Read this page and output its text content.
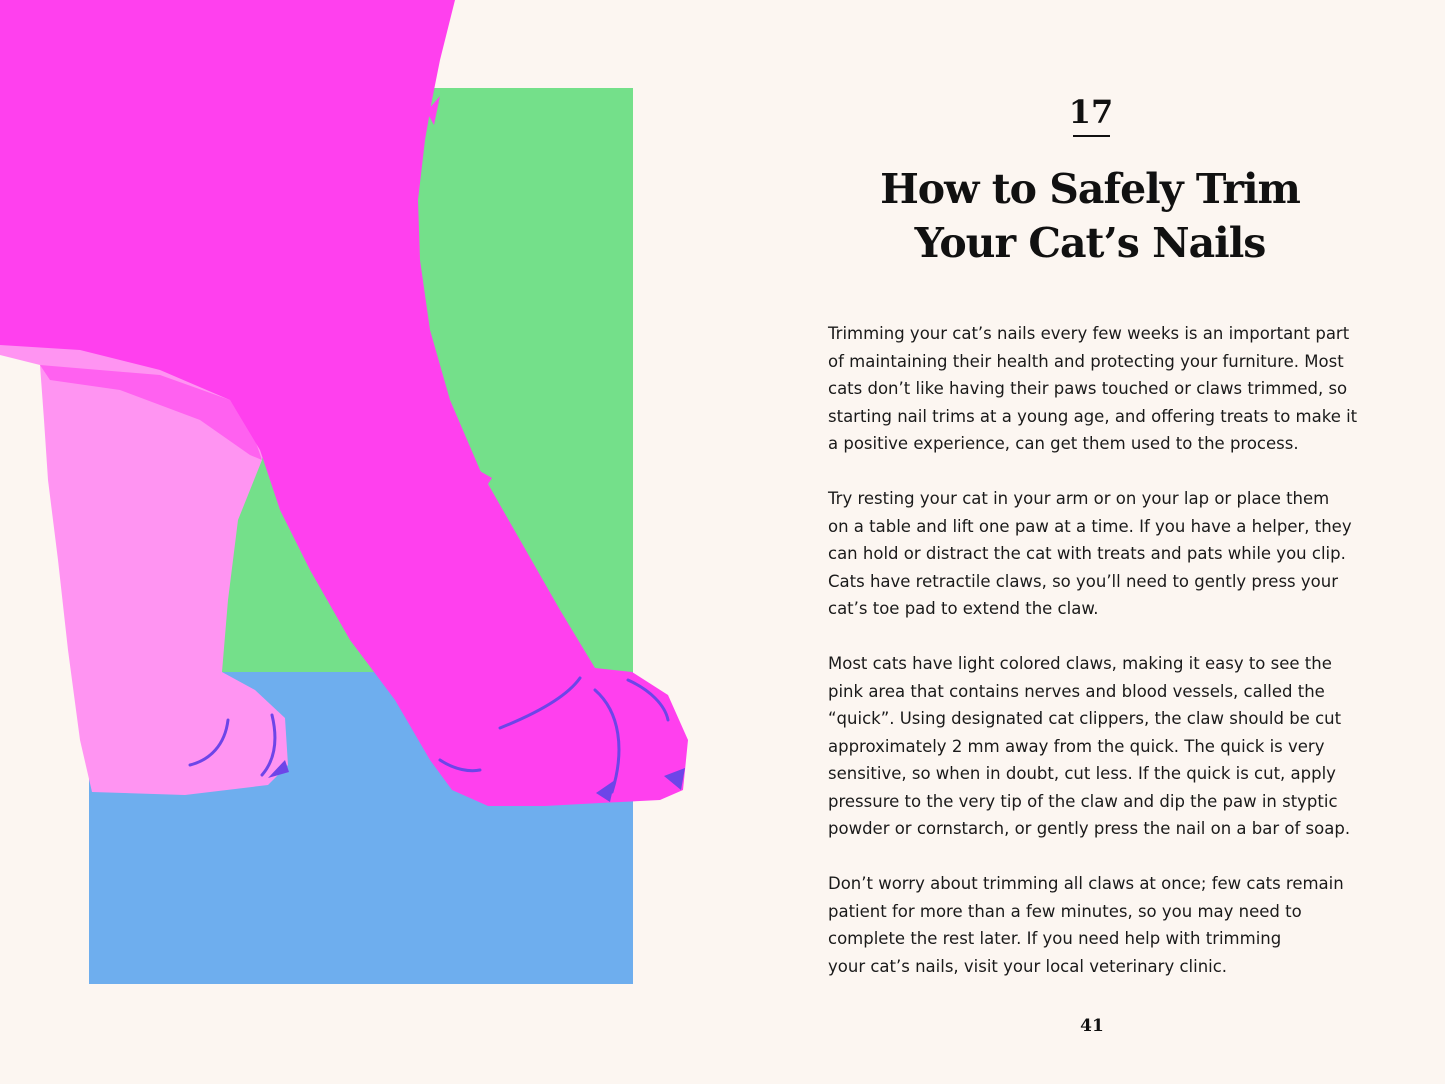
17
How to Safely Trim
Your Cat’s Nails

Trimming your cat’s nails every few weeks is an important part
of maintaining their health and protecting your furniture. Most
cats don’t like having their paws touched or claws trimmed, so
starting nail trims at a young age, and offering treats to make it
a positive experience, can get them used to the process.

Try resting your cat in your arm or on your lap or place them
on a table and lift one paw at a time. If you have a helper, they
can hold or distract the cat with treats and pats while you clip.
Cats have retractile claws, so you’ll need to gently press your
cat’s toe pad to extend the claw.

Most cats have light colored claws, making it easy to see the
pink area that contains nerves and blood vessels, called the
“quick”. Using designated cat clippers, the claw should be cut
approximately 2 mm away from the quick. The quick is very
sensitive, so when in doubt, cut less. If the quick is cut, apply
pressure to the very tip of the claw and dip the paw in styptic
powder or cornstarch, or gently press the nail on a bar of soap.

Don’t worry about trimming all claws at once; few cats remain
patient for more than a few minutes, so you may need to
complete the rest later. If you need help with trimming
your cat’s nails, visit your local veterinary clinic.

41
